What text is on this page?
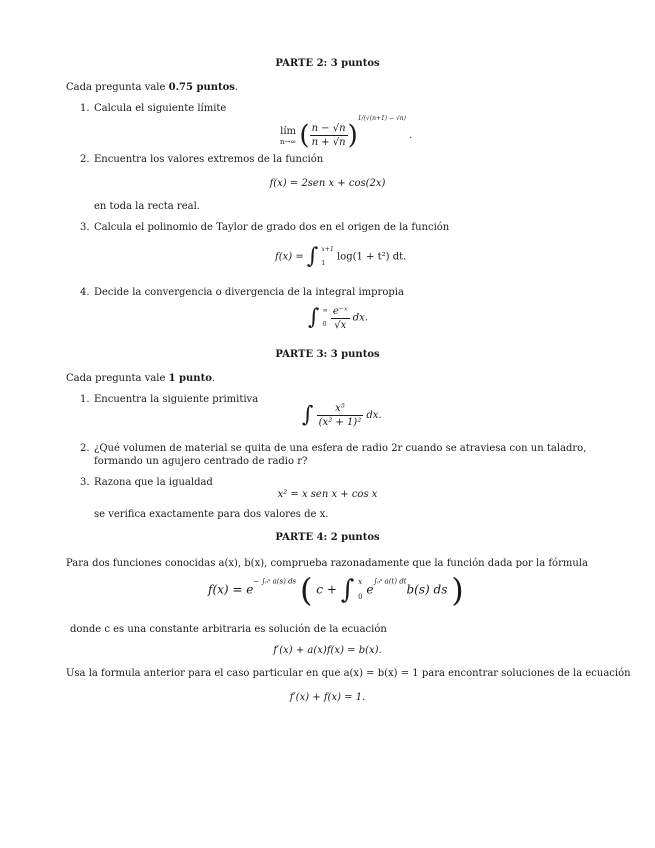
PARTE 2: 3 puntos
Cada pregunta vale 0.75 puntos.
1. Calcula el siguiente límite
lím
n→∞ ( $\frac{n - √n}{n + √n} )^{1/(√(n+1) - √n)}$ .
2. Encuentra los valores extremos de la función
f(x) = 2sen x + cos(2x)
en toda la recta real.
3. Calcula el polinomio de Taylor de grado dos en el origen de la función
f(x) = ∫ x+1
1
log(1 + t²) dt.
4. Decide la convergencia o divergencia de la integral impropia
∫ ∞
0
$\frac{\text{e⁻ˣ}}{√x}$ dx.
PARTE 3: 3 puntos
Cada pregunta vale 1 punto.
1. Encuentra la siguiente primitiva
∫ $\frac{\text{x⁵}}{\text{(x² + 1)²}}$ dx.
2. ¿Qué volumen de material se quita de una esfera de radio 2r cuando se atraviesa con un taladro, formando un agujero centrado de radio r?
3. Razona que la igualdad
x² = x sen x + cos x
se verifica exactamente para dos valores de x.
PARTE 4: 2 puntos
Para dos funciones conocidas a(x), b(x), comprueba razonadamente que la función dada por la fórmula
$f(x) = e^{- \int_0ˣ a(s) ds}$ ( c + ∫ x
0
$e^{\int_0ˢ a(t) dt}b(s)$ ds )
donde c es una constante arbitraria es solución de la ecuación
f′(x) + a(x)f(x) = b(x).
Usa la formula anterior para el caso particular en que a(x) = b(x) = 1 para encontrar soluciones de la ecuación
f′(x) + f(x) = 1.
